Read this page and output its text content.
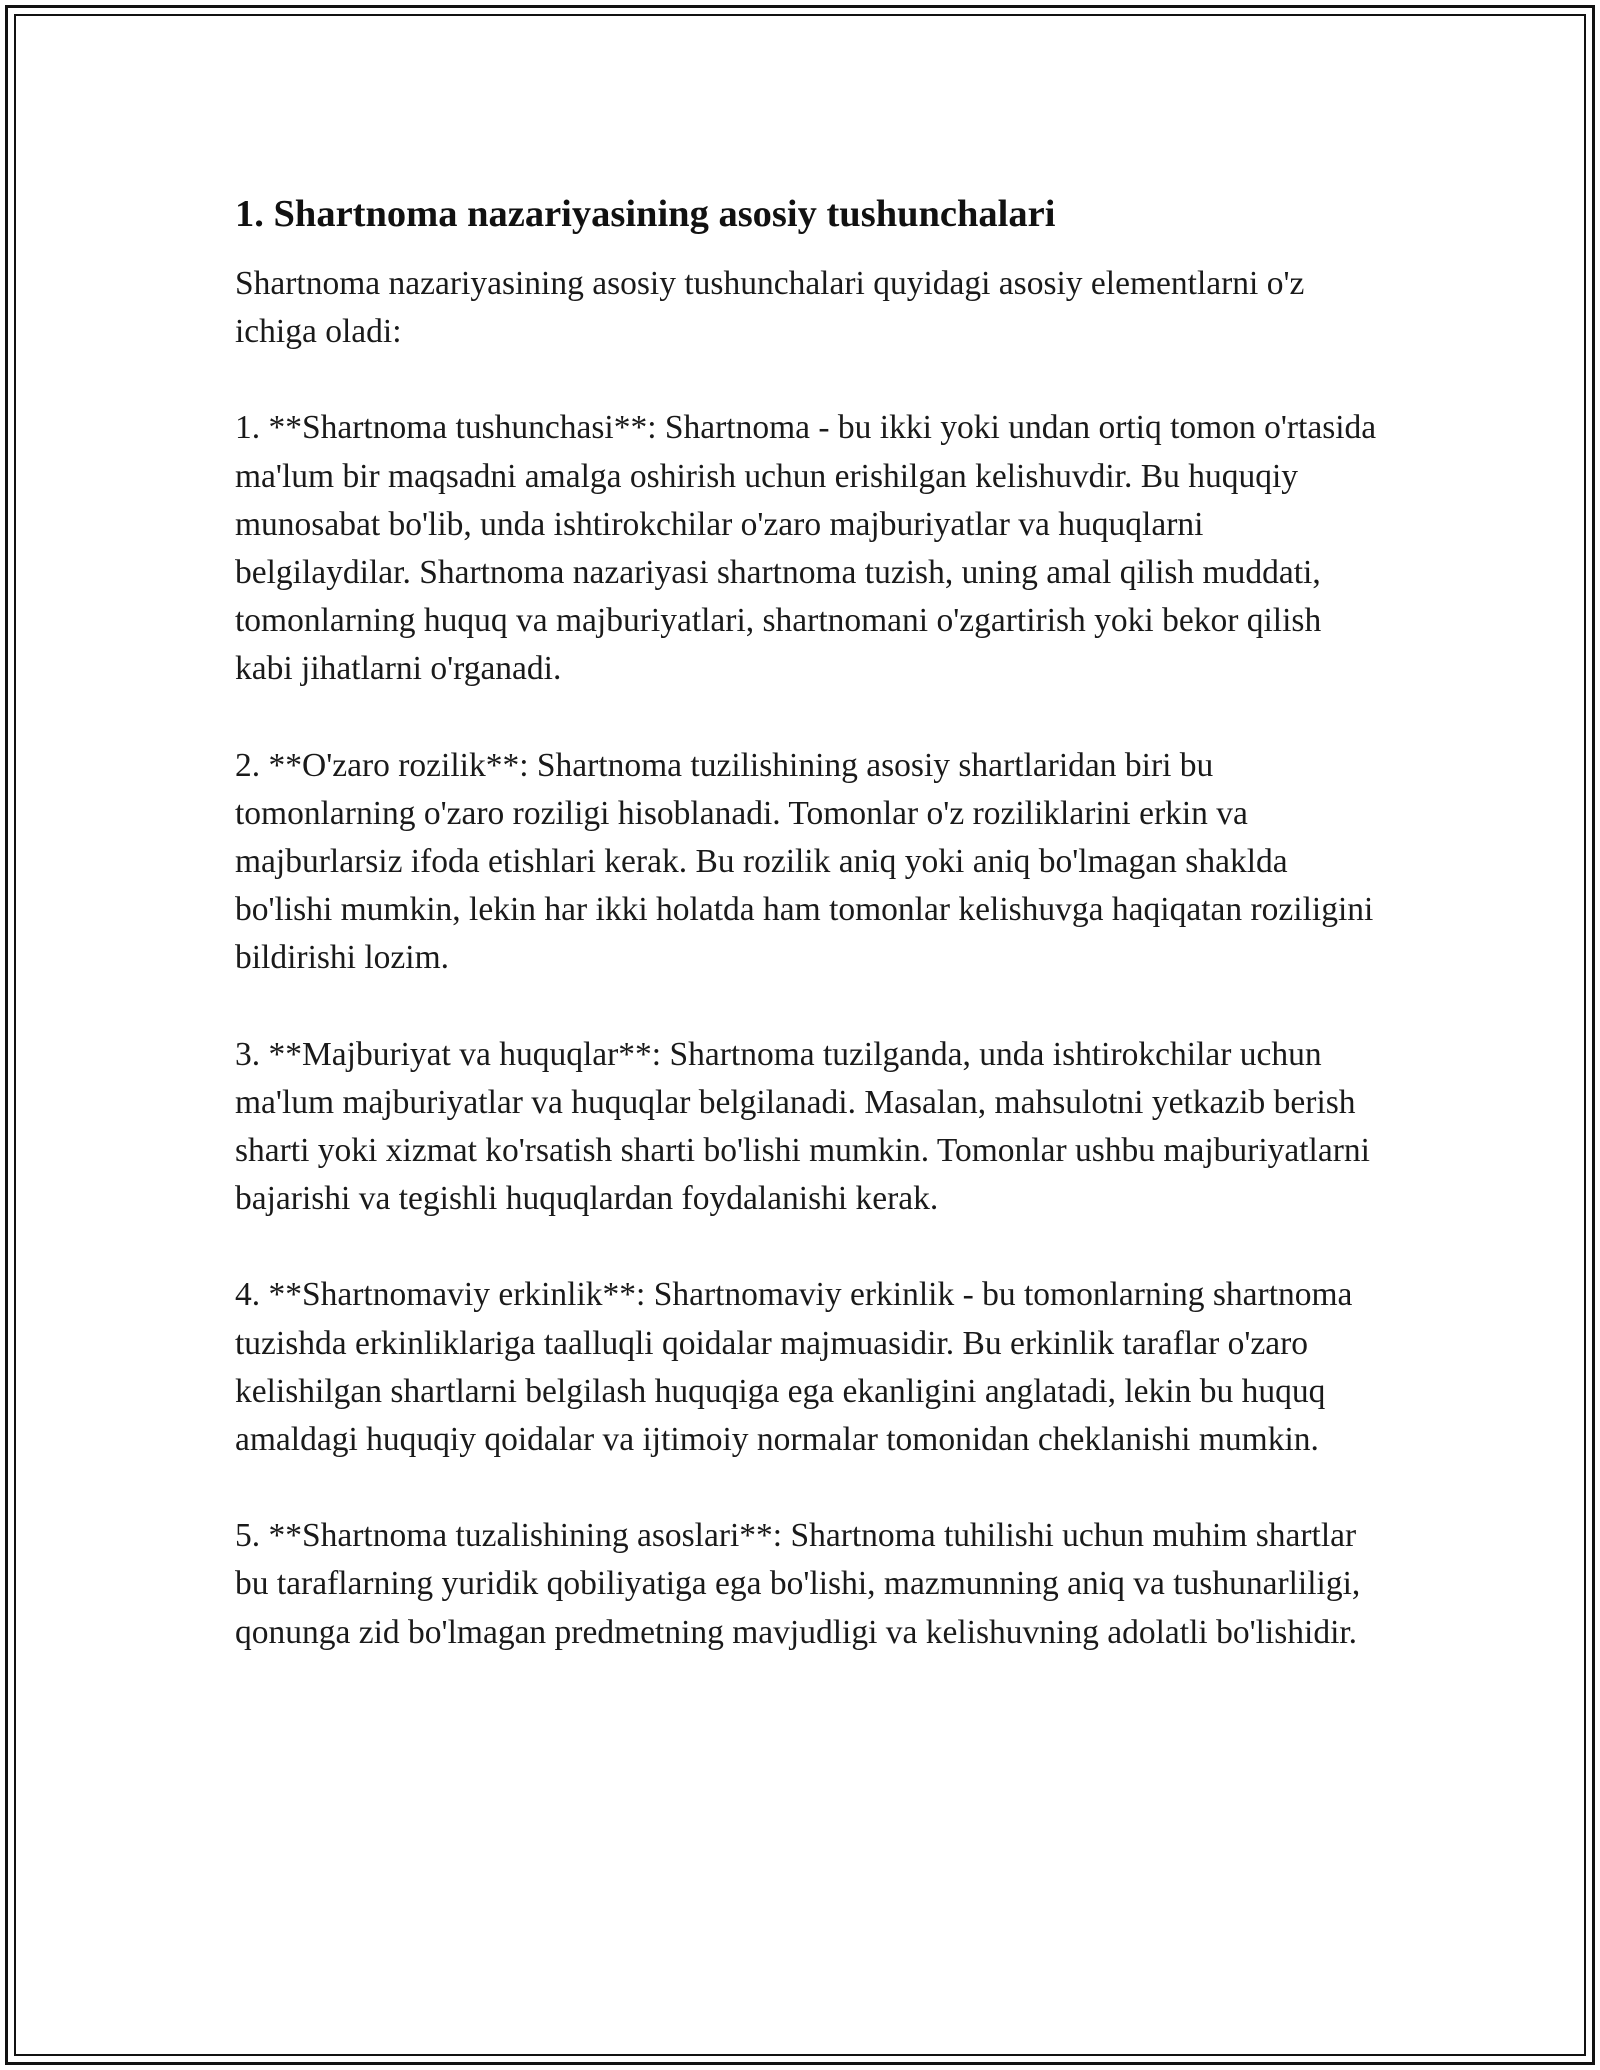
1. Shartnoma nazariyasining asosiy tushunchalari

Shartnoma nazariyasining asosiy tushunchalari quyidagi asosiy elementlarni o'z ichiga oladi:

1. **Shartnoma tushunchasi**: Shartnoma - bu ikki yoki undan ortiq tomon o'rtasida ma'lum bir maqsadni amalga oshirish uchun erishilgan kelishuvdir. Bu huquqiy munosabat bo'lib, unda ishtirokchilar o'zaro majburiyatlar va huquqlarni belgilaydilar. Shartnoma nazariyasi shartnoma tuzish, uning amal qilish muddati, tomonlarning huquq va majburiyatlari, shartnomani o'zgartirish yoki bekor qilish kabi jihatlarni o'rganadi.

2. **O'zaro rozilik**: Shartnoma tuzilishining asosiy shartlaridan biri bu tomonlarning o'zaro roziligi hisoblanadi. Tomonlar o'z roziliklarini erkin va majburlarsiz ifoda etishlari kerak. Bu rozilik aniq yoki aniq bo'lmagan shaklda bo'lishi mumkin, lekin har ikki holatda ham tomonlar kelishuvga haqiqatan roziligini bildirishi lozim.

3. **Majburiyat va huquqlar**: Shartnoma tuzilganda, unda ishtirokchilar uchun ma'lum majburiyatlar va huquqlar belgilanadi. Masalan, mahsulotni yetkazib berish sharti yoki xizmat ko'rsatish sharti bo'lishi mumkin. Tomonlar ushbu majburiyatlarni bajarishi va tegishli huquqlardan foydalanishi kerak.

4. **Shartnomaviy erkinlik**: Shartnomaviy erkinlik - bu tomonlarning shartnoma tuzishda erkinliklariga taalluqli qoidalar majmuasidir. Bu erkinlik taraflar o'zaro kelishilgan shartlarni belgilash huquqiga ega ekanligini anglatadi, lekin bu huquq amaldagi huquqiy qoidalar va ijtimoiy normalar tomonidan cheklanishi mumkin.

5. **Shartnoma tuzalishining asoslari**: Shartnoma tuhilishi uchun muhim shartlar bu taraflarning yuridik qobiliyatiga ega bo'lishi, mazmunning aniq va tushunarliligi, qonunga zid bo'lmagan predmetning mavjudligi va kelishuvning adolatli bo'lishidir.
